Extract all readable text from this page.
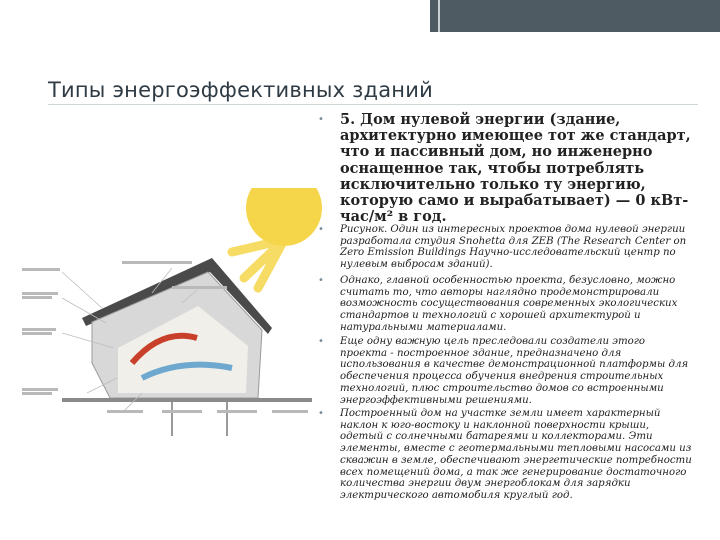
Типы энергоэффективных зданий
• 5. Дом нулевой энергии (здание, архитектурно имеющее тот же стандарт, что и пассивный дом, но инженерно оснащенное так, чтобы потреблять исключительно только ту энергию, которую само и вырабатывает) — 0 кВт-час/м² в год.
• Рисунок. Один из интересных проектов дома нулевой энергии разработала студия Snohetta для ZEB (The Research Center on Zero Emission Buildings Научно-исследовательский центр по нулевым выбросам зданий).
• Однако, главной особенностью проекта, безусловно, можно считать то, что авторы наглядно продемонстрировали возможность сосуществования современных экологических стандартов и технологий с хорошей архитектурой и натуральными материалами.
• Еще одну важную цель преследовали создатели этого проекта - построенное здание, предназначено для использования в качестве демонстрационной платформы для обеспечения процесса обучения внедрения строительных технологий, плюс строительство домов со встроенными энергоэффективными решениями.
• Построенный дом на участке земли имеет характерный наклон к юго-востоку и наклонной поверхности крыши, одетый с солнечными батареями и коллекторами. Эти элементы, вместе с геотермальными тепловыми насосами из скважин в земле, обеспечивают энергетические потребности всех помещений дома, а так же генерирование достаточного количества энергии двум энергоблокам для зарядки электрического автомобиля круглый год.
